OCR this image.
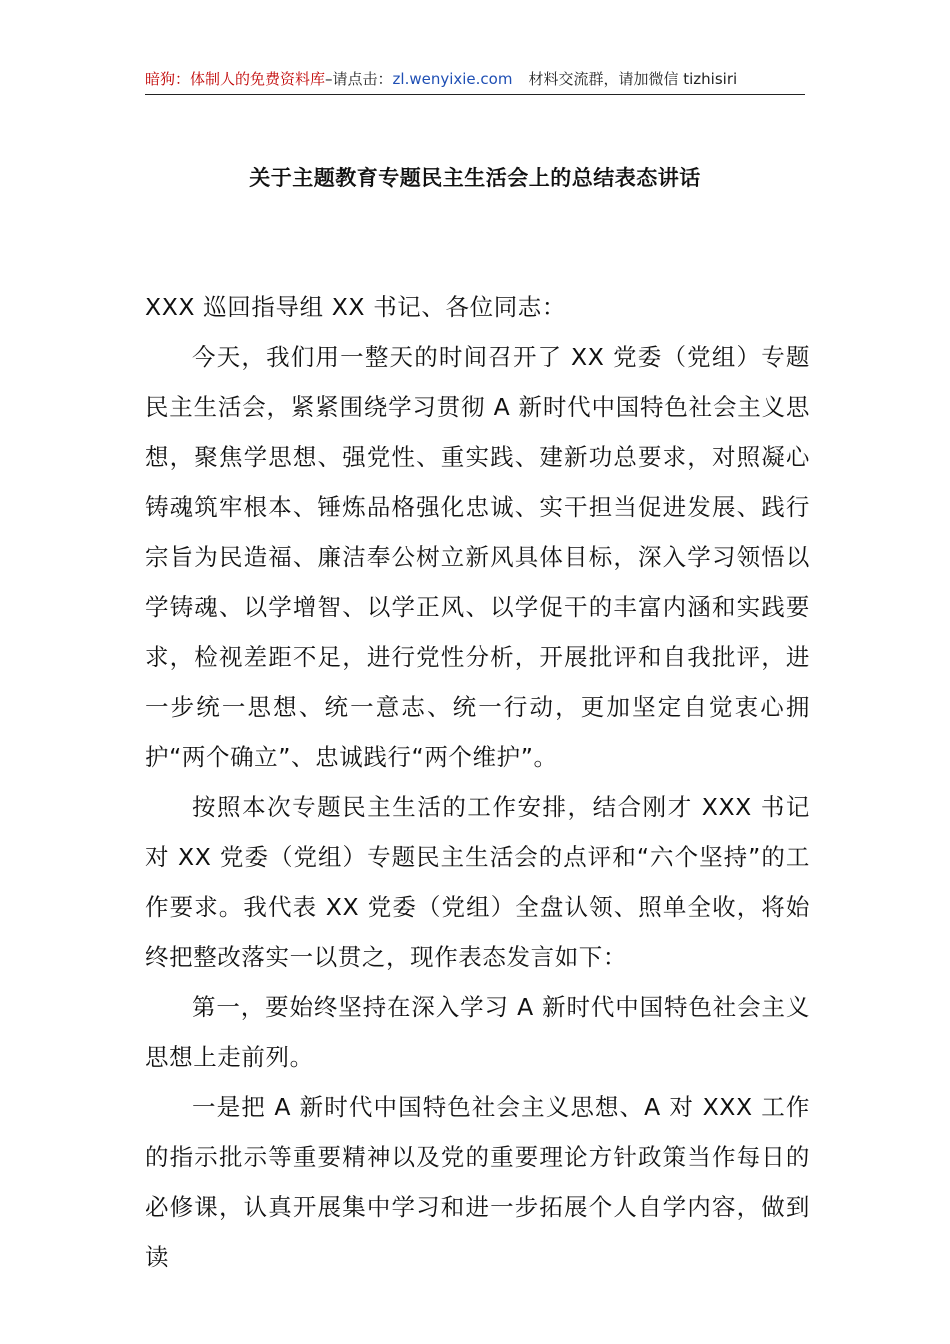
暗狗：体制人的免费资料库–请点击：zl.wenyixie.com 材料交流群，请加微信 tizhisiri
关于主题教育专题民主生活会上的总结表态讲话

XXX 巡回指导组 XX 书记、各位同志：

今天，我们用一整天的时间召开了 XX 党委（党组）专题民主生活会，紧紧围绕学习贯彻 A 新时代中国特色社会主义思想，聚焦学思想、强党性、重实践、建新功总要求，对照凝心铸魂筑牢根本、锤炼品格强化忠诚、实干担当促进发展、践行宗旨为民造福、廉洁奉公树立新风具体目标，深入学习领悟以学铸魂、以学增智、以学正风、以学促干的丰富内涵和实践要求，检视差距不足，进行党性分析，开展批评和自我批评，进一步统一思想、统一意志、统一行动，更加坚定自觉衷心拥护“两个确立”、忠诚践行“两个维护”。

按照本次专题民主生活的工作安排，结合刚才 XXX 书记对 XX 党委（党组）专题民主生活会的点评和“六个坚持”的工作要求。我代表 XX 党委（党组）全盘认领、照单全收，将始终把整改落实一以贯之，现作表态发言如下：

第一，要始终坚持在深入学习 A 新时代中国特色社会主义思想上走前列。

一是把 A 新时代中国特色社会主义思想、A 对 XXX 工作的指示批示等重要精神以及党的重要理论方针政策当作每日的必修课，认真开展集中学习和进一步拓展个人自学内容，做到读
